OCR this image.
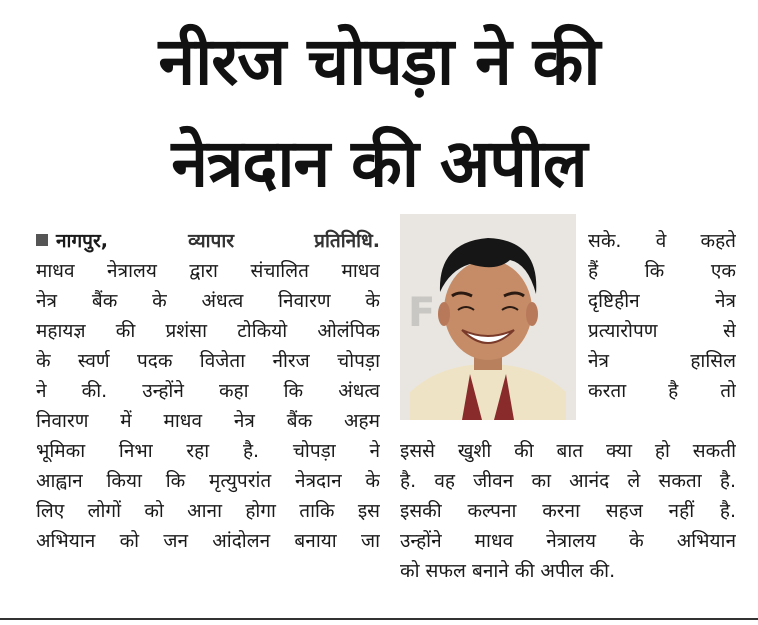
नीरज चोपड़ा ने की
नेत्रदान की अपील
नागपुर,	व्यापार प्रतिनिधि.
माधव नेत्रालय द्वारा संचालित माधव
नेत्र बैंक के अंधत्व निवारण के
महायज्ञ की प्रशंसा टोकियो ओलंपिक
के स्वर्ण पदक विजेता नीरज चोपड़ा
ने की. उन्होंने कहा कि अंधत्व
निवारण में माधव नेत्र बैंक अहम
भूमिका निभा रहा है. चोपड़ा ने
आह्वान किया कि मृत्युपरांत नेत्रदान के
लिए लोगों को आना होगा ताकि इस
अभियान को जन आंदोलन बनाया जा
F
सके. वे कहते
हैं कि एक
दृष्टिहीन नेत्र
प्रत्यारोपण से
नेत्र हासिल
करता है तो
इससे खुशी की बात क्या हो सकती
है. वह जीवन का आनंद ले सकता है.
इसकी कल्पना करना सहज नहीं है.
उन्होंने माधव नेत्रालय के अभियान
को सफल बनाने की अपील की.
